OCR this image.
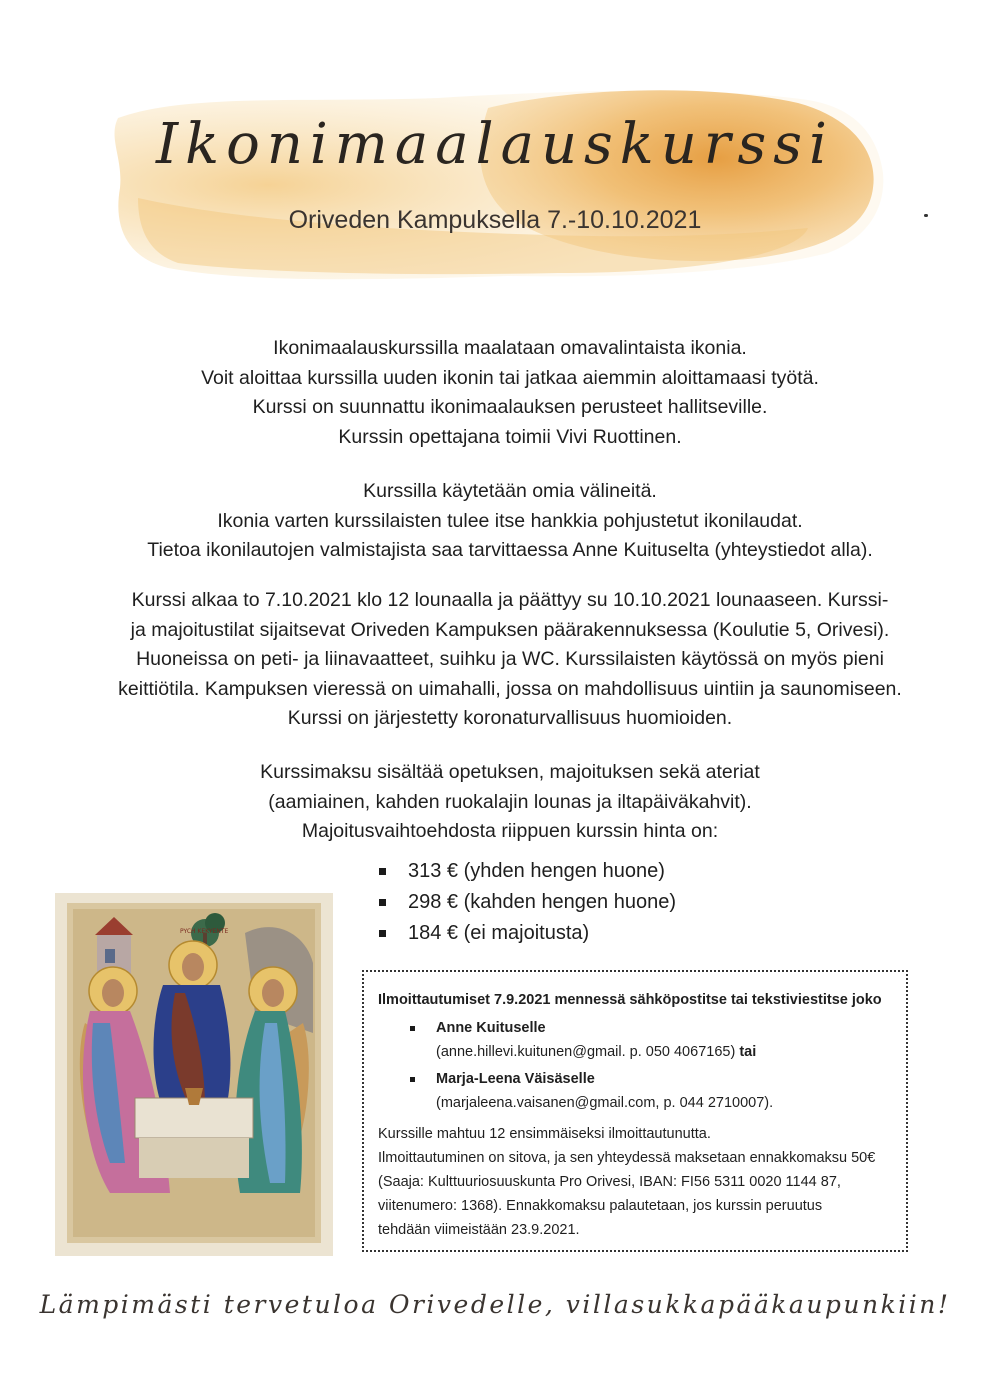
Ikonimaalauskurssi
Oriveden Kampuksella 7.-10.10.2021
Ikonimaalauskurssilla maalataan omavalintaista ikonia.
Voit aloittaa kurssilla uuden ikonin tai jatkaa aiemmin aloittamaasi työtä.
Kurssi on suunnattu ikonimaalauksen perusteet hallitseville.
Kurssin opettajana toimii Vivi Ruottinen.
Kurssilla käytetään omia välineitä.
Ikonia varten kurssilaisten tulee itse hankkia pohjustetut ikonilaudat.
Tietoa ikonilautojen valmistajista saa tarvittaessa Anne Kuituselta (yhteystiedot alla).
Kurssi alkaa to 7.10.2021 klo 12 lounaalla ja päättyy su 10.10.2021 lounaaseen. Kurssi-
ja majoitustilat sijaitsevat Oriveden Kampuksen päärakennuksessa (Koulutie 5, Orivesi).
Huoneissa on peti- ja liinavaatteet, suihku ja WC. Kurssilaisten käytössä on myös pieni
keittiötila. Kampuksen vieressä on uimahalli, jossa on mahdollisuus uintiin ja saunomiseen.
Kurssi on järjestetty koronaturvallisuus huomioiden.
Kurssimaksu sisältää opetuksen, majoituksen sekä ateriat
(aamiainen, kahden ruokalajin lounas ja iltapäiväkahvit).
Majoitusvaihtoehdosta riippuen kurssin hinta on:
313 € (yhden hengen huone)
298 € (kahden hengen huone)
184 € (ei majoitusta)
PYCH KEKYENTE
Ilmoittautumiset 7.9.2021 mennessä sähköpostitse tai tekstiviestitse joko
Anne Kuituselle
(anne.hillevi.kuitunen@gmail. p. 050 4067165) tai
Marja-Leena Väisäselle
(marjaleena.vaisanen@gmail.com, p. 044 2710007).
Kurssille mahtuu 12 ensimmäiseksi ilmoittautunutta.
Ilmoittautuminen on sitova, ja sen yhteydessä maksetaan ennakkomaksu 50€
(Saaja: Kulttuuriosuuskunta Pro Orivesi, IBAN: FI56 5311 0020 1144 87,
viitenumero: 1368). Ennakkomaksu palautetaan, jos kurssin peruutus
tehdään viimeistään 23.9.2021.
Lämpimästi tervetuloa Orivedelle, villasukkapääkaupunkiin!
